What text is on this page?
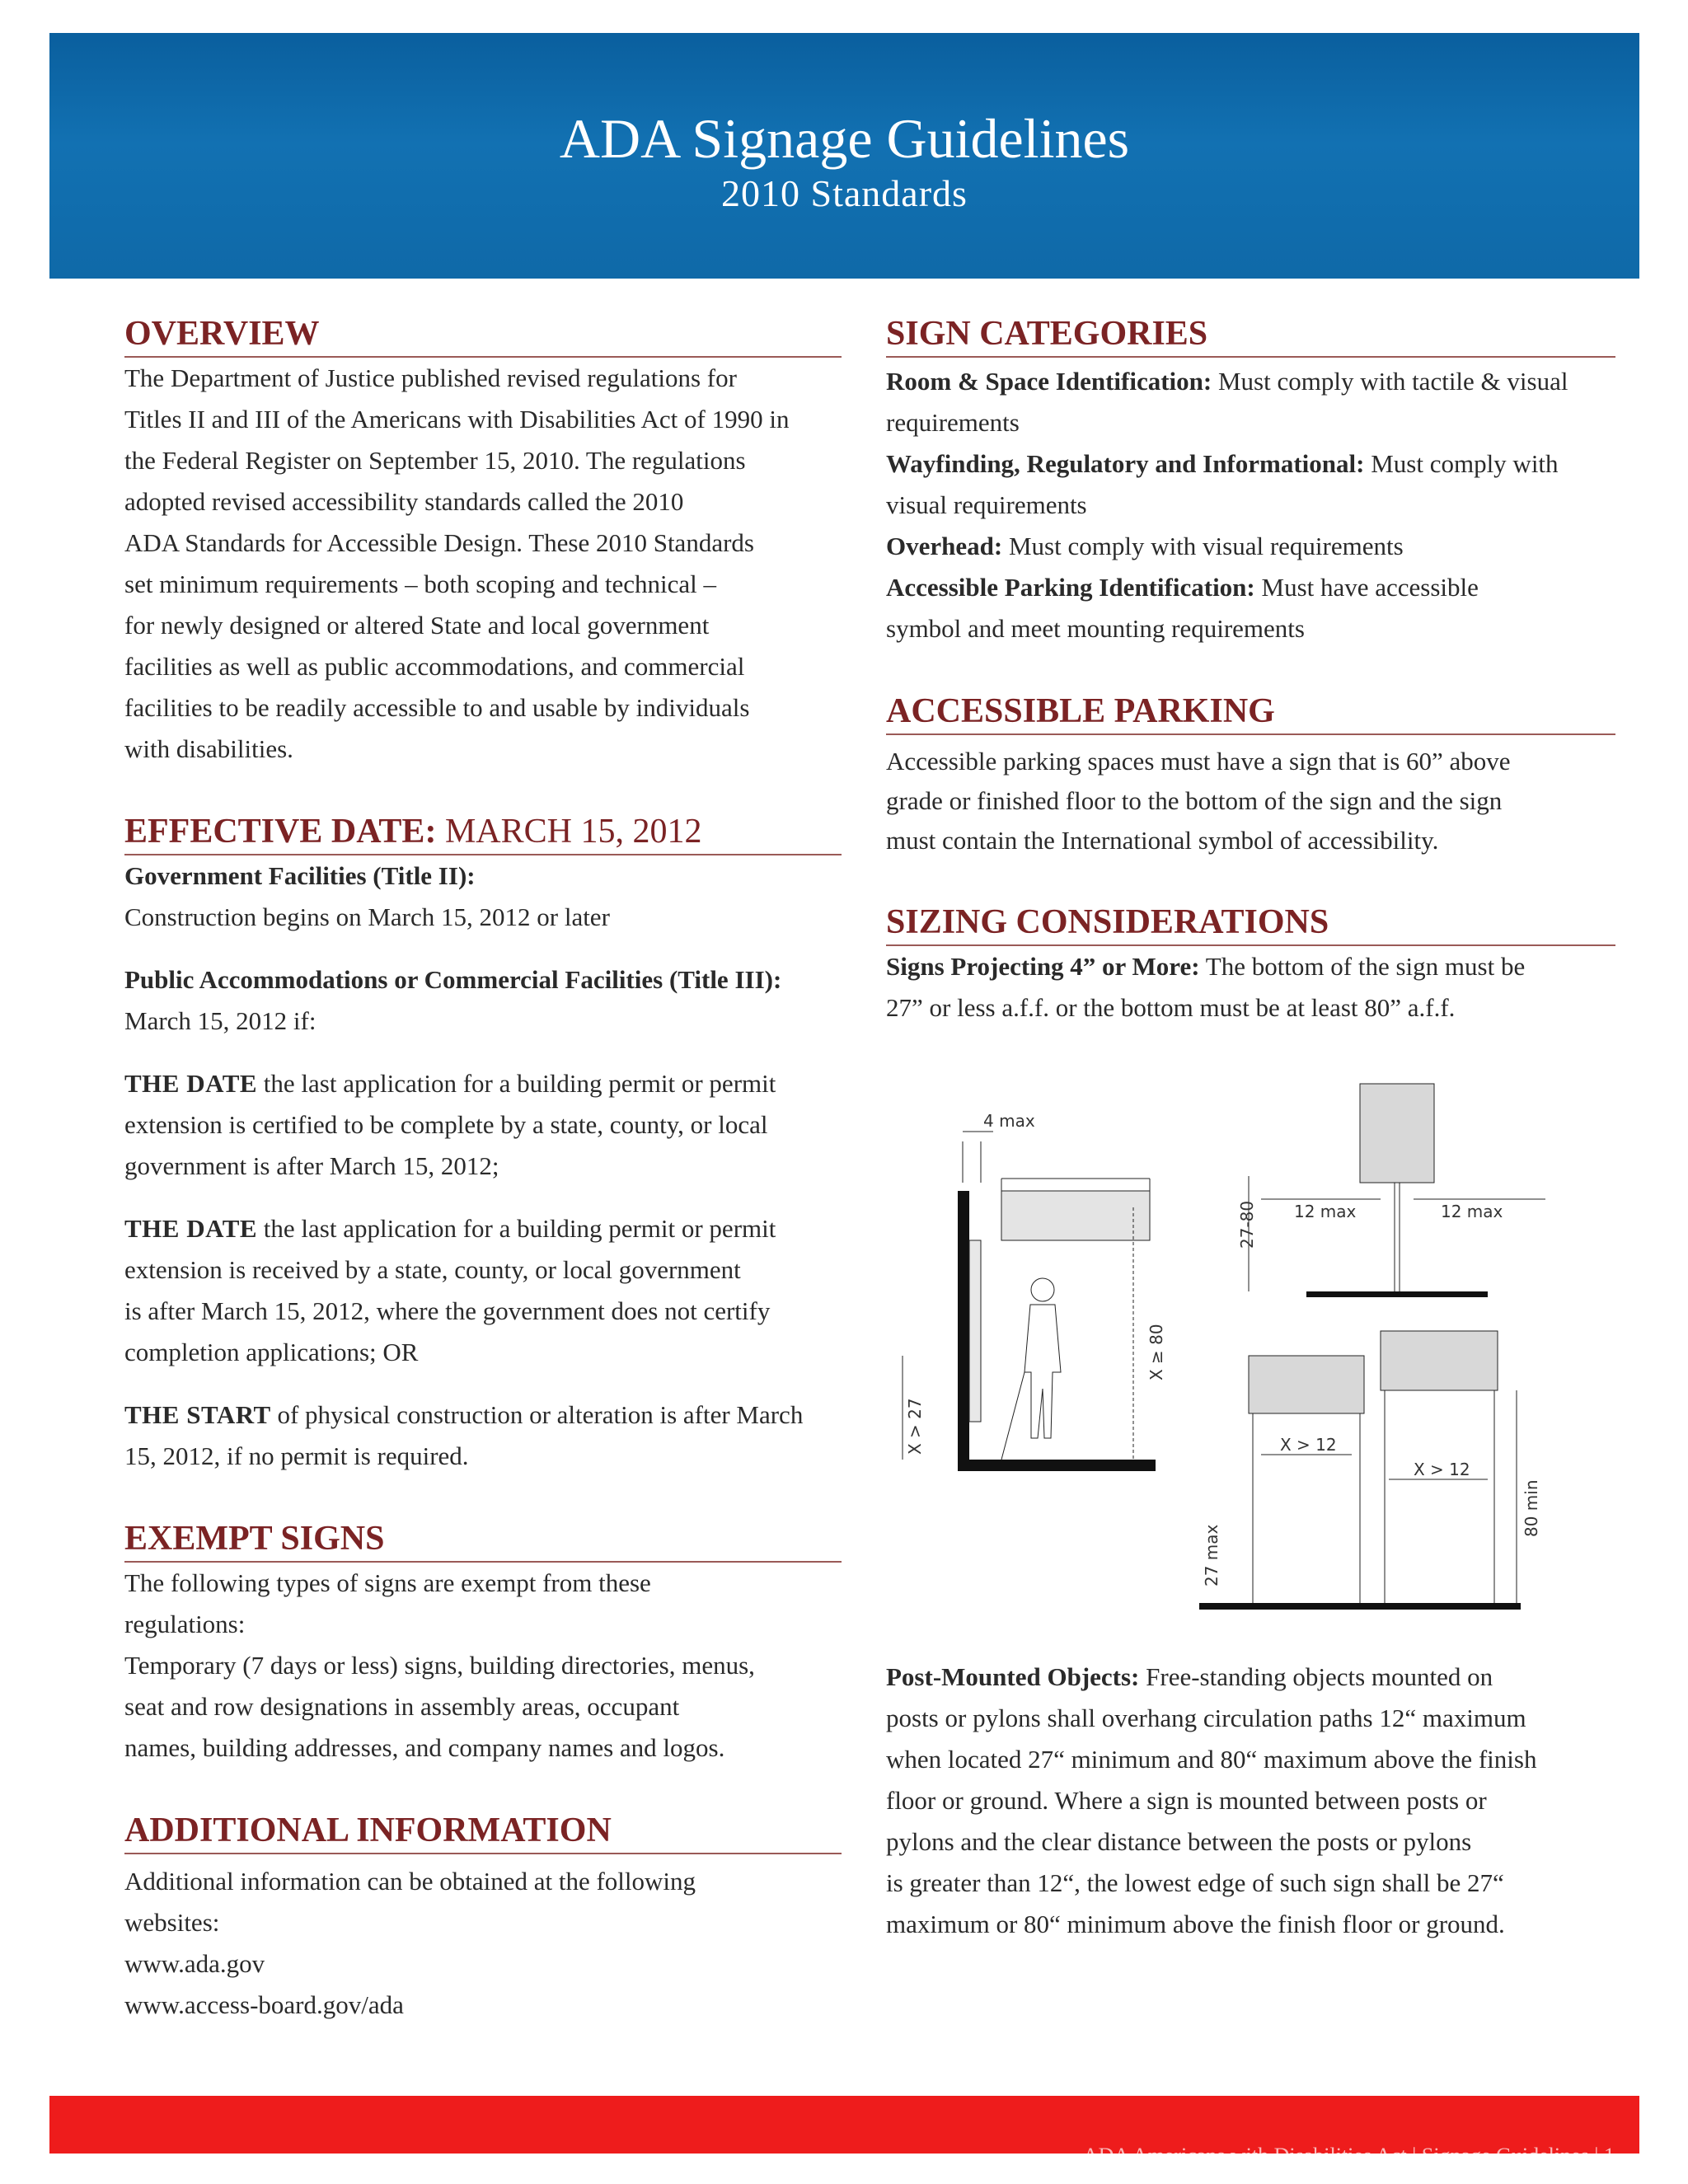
ADA Signage Guidelines
2010 Standards
OVERVIEW

The Department of Justice published revised regulations for

Titles II and III of the Americans with Disabilities Act of 1990 in

the Federal Register on September 15, 2010. The regulations

adopted revised accessibility standards called the 2010

ADA Standards for Accessible Design. These 2010 Standards

set minimum requirements – both scoping and technical –

for newly designed or altered State and local government

facilities as well as public accommodations, and commercial

facilities to be readily accessible to and usable by individuals

with disabilities.

EFFECTIVE DATE: MARCH 15, 2012

Government Facilities (Title II):

Construction begins on March 15, 2012 or later

Public Accommodations or Commercial Facilities (Title III):

March 15, 2012 if:

THE DATE the last application for a building permit or permit

extension is certified to be complete by a state, county, or local

government is after March 15, 2012;

THE DATE the last application for a building permit or permit

extension is received by a state, county, or local government

is after March 15, 2012, where the government does not certify

completion applications; OR

THE START of physical construction or alteration is after March

15, 2012, if no permit is required.

EXEMPT SIGNS

The following types of signs are exempt from these

regulations:

Temporary (7 days or less) signs, building directories, menus,

seat and row designations in assembly areas, occupant

names, building addresses, and company names and logos.

ADDITIONAL INFORMATION

Additional information can be obtained at the following

websites:

www.ada.gov

www.access-board.gov/ada

SIGN CATEGORIES

Room & Space Identification: Must comply with tactile & visual

requirements

Wayfinding, Regulatory and Informational: Must comply with

visual requirements

Overhead: Must comply with visual requirements

Accessible Parking Identification: Must have accessible

symbol and meet mounting requirements

ACCESSIBLE PARKING

Accessible parking spaces must have a sign that is 60” above

grade or finished floor to the bottom of the sign and the sign

must contain the International symbol of accessibility.

SIZING CONSIDERATIONS

Signs Projecting 4” or More: The bottom of the sign must be

27” or less a.f.f. or the bottom must be at least 80” a.f.f.

4 max
X ≥ 80
X > 27
12 max	12 max
27-80
X > 12
X > 12
80 min
27 max

Post-Mounted Objects: Free-standing objects mounted on

posts or pylons shall overhang circulation paths 12“ maximum

when located 27“ minimum and 80“ maximum above the finish

floor or ground. Where a sign is mounted between posts or

pylons and the clear distance between the posts or pylons

is greater than 12“, the lowest edge of such sign shall be 27“

maximum or 80“ minimum above the finish floor or ground.

ADA Americans with Disabilities Act | Signage Guidelines | 1
